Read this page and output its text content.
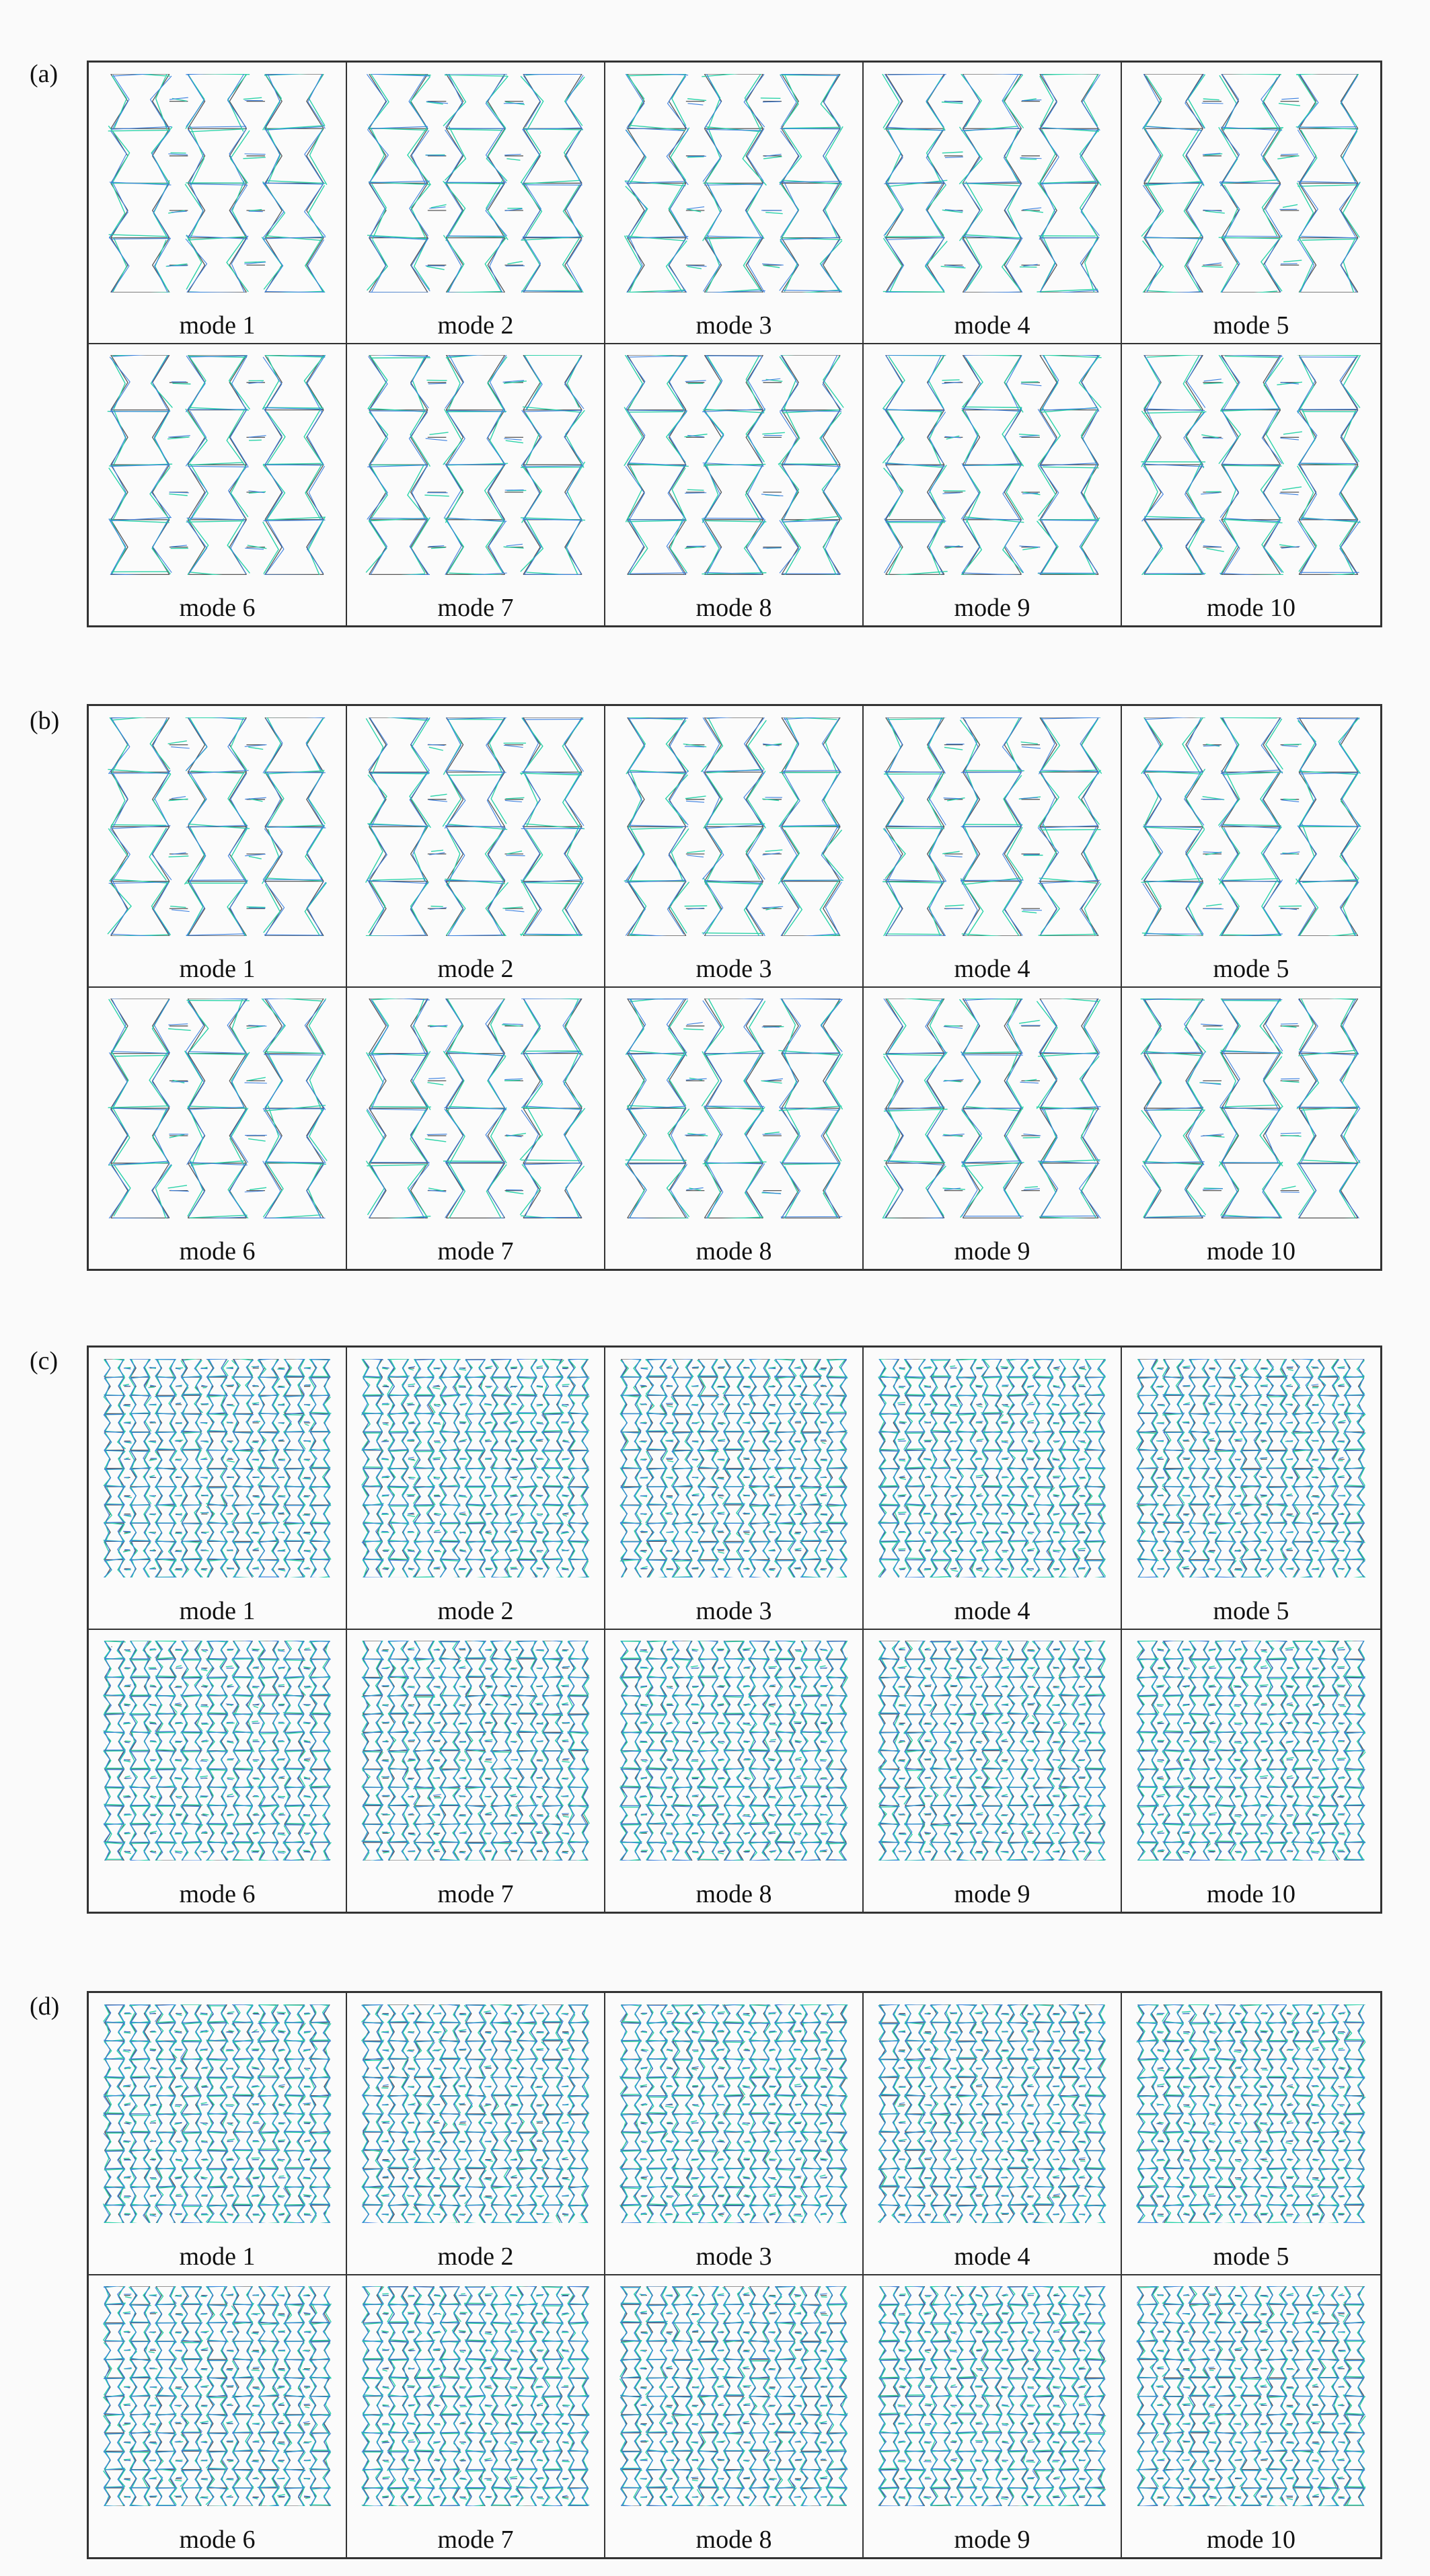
(a)
mode 1	mode 2	mode 3	mode 4	mode 5
mode 6	mode 7	mode 8	mode 9	mode 10
(b)
mode 1	mode 2	mode 3	mode 4	mode 5
mode 6	mode 7	mode 8	mode 9	mode 10
(c)
mode 1	mode 2	mode 3	mode 4	mode 5
mode 6	mode 7	mode 8	mode 9	mode 10
(d)
mode 1	mode 2	mode 3	mode 4	mode 5
mode 6	mode 7	mode 8	mode 9	mode 10
